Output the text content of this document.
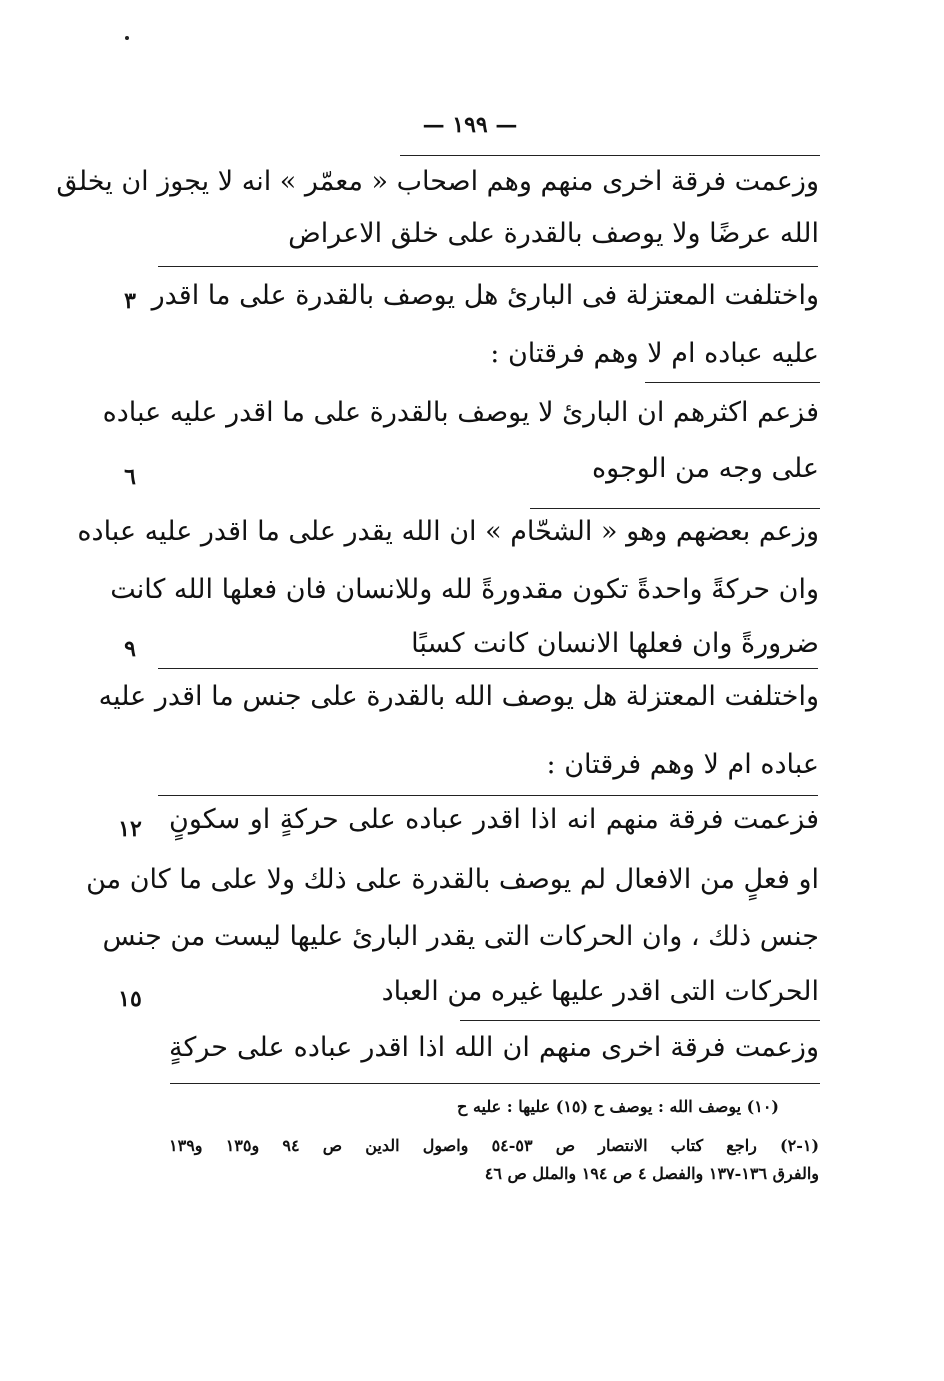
— ١٩٩ —
وزعمت فرقة اخرى منهم وهم اصحاب « معمّر » انه لا يجوز ان يخلق
الله عرضًا ولا يوصف بالقدرة على خلق الاعراض
واختلفت المعتزلة فى البارئ هل يوصف بالقدرة على ما اقدر
عليه عباده ام لا وهم فرقتان :
فزعم اكثرهم ان البارئ لا يوصف بالقدرة على ما اقدر عليه عباده
على وجه من الوجوه
وزعم بعضهم وهو « الشحّام » ان الله يقدر على ما اقدر عليه عباده
وان حركةً واحدةً تكون مقدورةً لله وللانسان فان فعلها الله كانت
ضرورةً وان فعلها الانسان كانت كسبًا
واختلفت المعتزلة هل يوصف الله بالقدرة على جنس ما اقدر عليه
عباده ام لا وهم فرقتان :
فزعمت فرقة منهم انه اذا اقدر عباده على حركةٍ او سكونٍ
او فعلٍ من الافعال لم يوصف بالقدرة على ذلك ولا على ما كان من
جنس ذلك ، وان الحركات التى يقدر البارئ عليها ليست من جنس
الحركات التى اقدر عليها غيره من العباد
وزعمت فرقة اخرى منهم ان الله اذا اقدر عباده على حركةٍ
٣
٦
٩
١٢
١٥
(١٠) يوصف الله : يوصف ح (١٥) عليها : عليه ح
(١-٢) راجع كتاب الانتصار ص ٥٣-٥٤ واصول الدين ص ٩٤ و١٣٥ و١٣٩
والفرق ١٣٦-١٣٧ والفصل ٤ ص ١٩٤ والملل ص ٤٦
